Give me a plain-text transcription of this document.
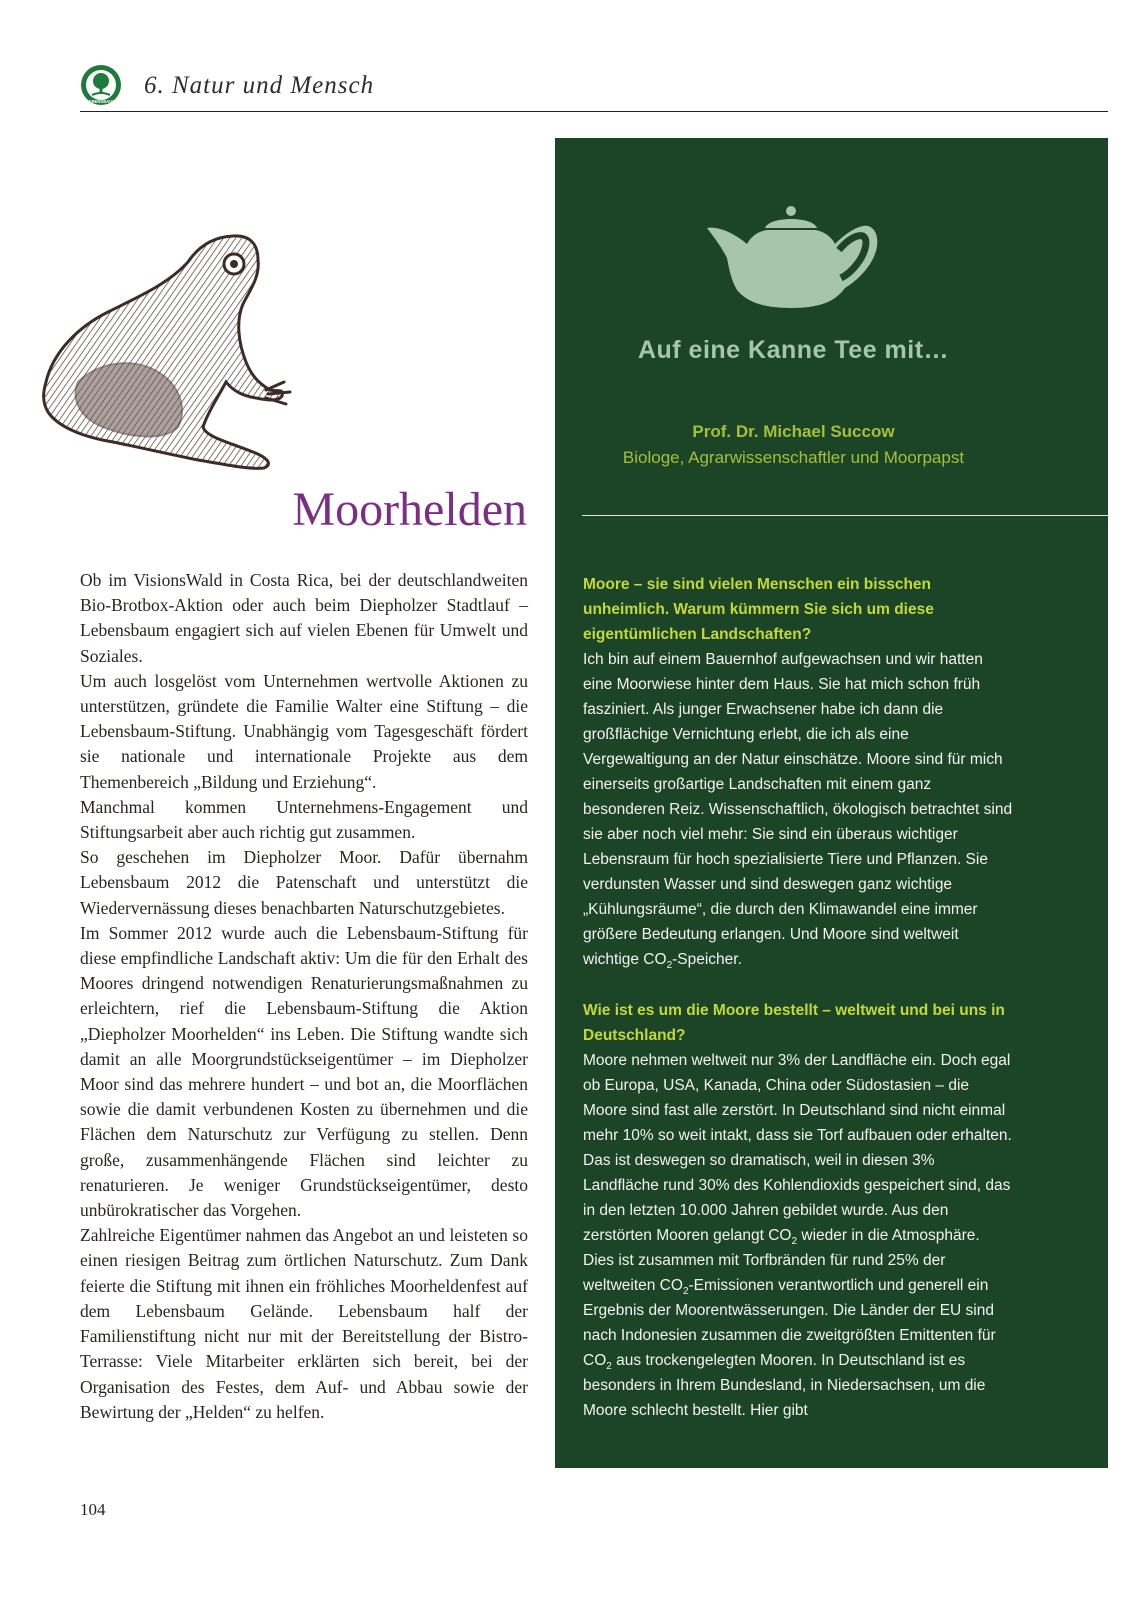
LEBENSBAUM
6. Natur und Mensch
Moorhelden

Ob im VisionsWald in Costa Rica, bei der deutschlandweiten Bio-Brotbox-Aktion oder auch beim Diepholzer Stadtlauf – Lebensbaum engagiert sich auf vielen Ebenen für Umwelt und Soziales.

Um auch losgelöst vom Unternehmen wertvolle Aktionen zu unterstützen, gründete die Familie Walter eine Stiftung – die Lebensbaum-Stiftung. Unabhängig vom Tagesgeschäft fördert sie nationale und internationale Projekte aus dem Themenbereich „Bildung und Erziehung“.

Manchmal kommen Unternehmens-Engagement und Stiftungsarbeit aber auch richtig gut zusammen.

So geschehen im Diepholzer Moor. Dafür übernahm Lebensbaum 2012 die Patenschaft und unterstützt die Wiedervernässung dieses benachbarten Naturschutzgebietes.

Im Sommer 2012 wurde auch die Lebensbaum-Stiftung für diese empfindliche Landschaft aktiv: Um die für den Erhalt des Moores dringend notwendigen Renaturierungsmaßnahmen zu erleichtern, rief die Lebensbaum-Stiftung die Aktion „Diepholzer Moorhelden“ ins Leben. Die Stiftung wandte sich damit an alle Moorgrundstückseigentümer – im Diepholzer Moor sind das mehrere hundert – und bot an, die Moorflächen sowie die damit verbundenen Kosten zu übernehmen und die Flächen dem Naturschutz zur Verfügung zu stellen. Denn große, zusammenhängende Flächen sind leichter zu renaturieren. Je weniger Grundstückseigentümer, desto unbürokratischer das Vorgehen.

Zahlreiche Eigentümer nahmen das Angebot an und leisteten so einen riesigen Beitrag zum örtlichen Naturschutz. Zum Dank feierte die Stiftung mit ihnen ein fröhliches Moorheldenfest auf dem Lebensbaum Gelände. Lebensbaum half der Familienstiftung nicht nur mit der Bereitstellung der Bistro-Terrasse: Viele Mitarbeiter erklärten sich bereit, bei der Organisation des Festes, dem Auf- und Abbau sowie der Bewirtung der „Helden“ zu helfen.

Auf eine Kanne Tee mit…
Prof. Dr. Michael Succow
Biologe, Agrarwissenschaftler und Moorpapst

Moore – sie sind vielen Menschen ein bisschen unheimlich. Warum kümmern Sie sich um diese eigentümlichen Landschaften?

Ich bin auf einem Bauernhof aufgewachsen und wir hatten eine Moorwiese hinter dem Haus. Sie hat mich schon früh fasziniert. Als junger Erwachsener habe ich dann die großflächige Vernichtung erlebt, die ich als eine Vergewaltigung an der Natur einschätze. Moore sind für mich einerseits großartige Landschaften mit einem ganz besonderen Reiz. Wissenschaftlich, ökologisch betrachtet sind sie aber noch viel mehr: Sie sind ein überaus wichtiger Lebensraum für hoch spezialisierte Tiere und Pflanzen. Sie verdunsten Wasser und sind deswegen ganz wichtige „Kühlungsräume“, die durch den Klimawandel eine immer größere Bedeutung erlangen. Und Moore sind weltweit wichtige $CO_2$-Speicher.

Wie ist es um die Moore bestellt – weltweit und bei uns in Deutschland?

Moore nehmen weltweit nur 3% der Landfläche ein. Doch egal ob Europa, USA, Kanada, China oder Südostasien – die Moore sind fast alle zerstört. In Deutschland sind nicht einmal mehr 10% so weit intakt, dass sie Torf aufbauen oder erhalten. Das ist deswegen so dramatisch, weil in diesen 3% Landfläche rund 30% des Kohlendioxids gespeichert sind, das in den letzten 10.000 Jahren gebildet wurde. Aus den zerstörten Mooren gelangt $CO_2$ wieder in die Atmosphäre. Dies ist zusammen mit Torfbränden für rund 25% der weltweiten $CO_2$-Emissionen verantwortlich und generell ein Ergebnis der Moorentwässerungen. Die Länder der EU sind nach Indonesien zusammen die zweitgrößten Emittenten für $CO_2$ aus trockengelegten Mooren. In Deutschland ist es besonders in Ihrem Bundesland, in Niedersachsen, um die Moore schlecht bestellt. Hier gibt

104
